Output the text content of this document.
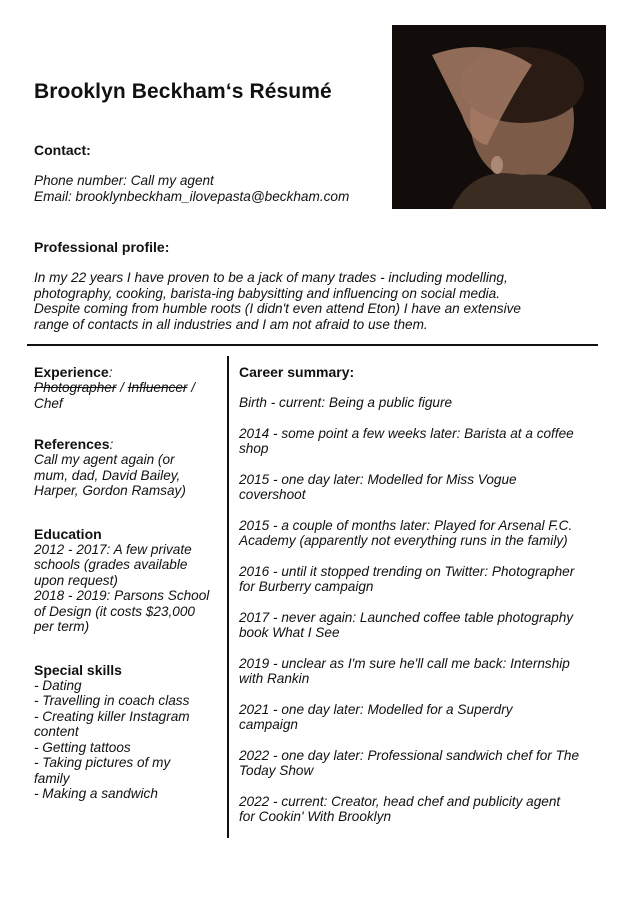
Brooklyn Beckham‘s Résumé
Contact:
Phone number: Call my agent
Email: brooklynbeckham_ilovepasta@beckham.com
Professional profile:
In my 22 years I have proven to be a jack of many trades - including modelling,
photography, cooking, barista-ing babysitting and influencing on social media.
Despite coming from humble roots (I didn't even attend Eton) I have an extensive
range of contacts in all industries and I am not afraid to use them.
Experience:
Photographer / Influencer /
Chef
References:
Call my agent again (or
mum, dad, David Bailey,
Harper, Gordon Ramsay)
Education
2012 - 2017: A few private
schools (grades available
upon request)
2018 - 2019: Parsons School
of Design (it costs $23,000
per term)
Special skills
- Dating
- Travelling in coach class
- Creating killer Instagram
content
- Getting tattoos
- Taking pictures of my
family
- Making a sandwich
Career summary:
Birth - current: Being a public figure
2014 - some point a few weeks later: Barista at a coffee
shop
2015 - one day later: Modelled for Miss Vogue
covershoot
2015 - a couple of months later: Played for Arsenal F.C.
Academy (apparently not everything runs in the family)
2016 - until it stopped trending on Twitter: Photographer
for Burberry campaign
2017 - never again: Launched coffee table photography
book What I See
2019 - unclear as I'm sure he'll call me back: Internship
with Rankin
2021 - one day later: Modelled for a Superdry
campaign
2022 - one day later: Professional sandwich chef for The
Today Show
2022 - current: Creator, head chef and publicity agent
for Cookin' With Brooklyn
